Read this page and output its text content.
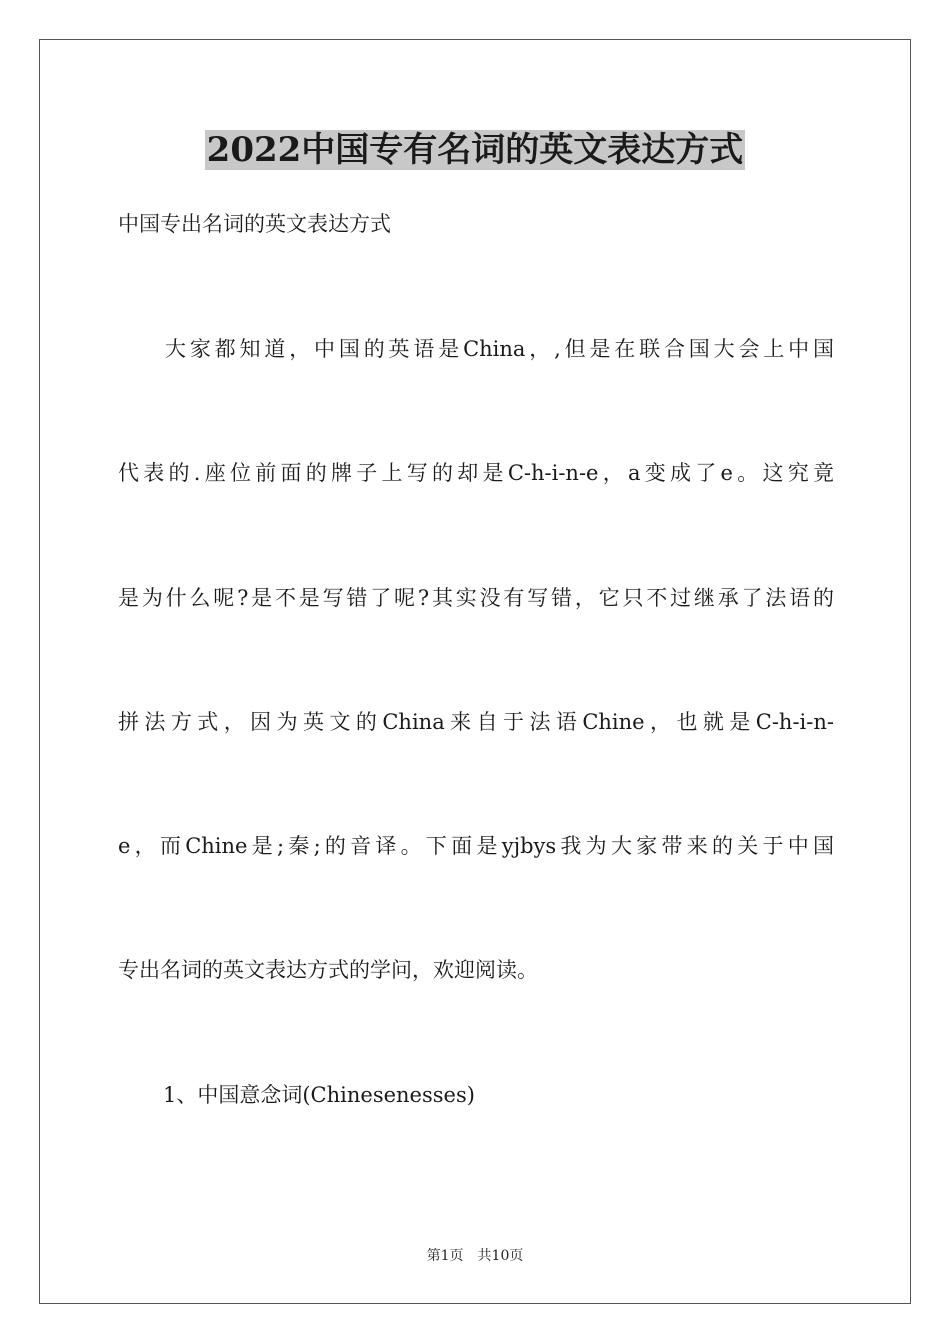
2022中国专有名词的英文表达方式

中国专出名词的英文表达方式

大家都知道，中国的英语是China，,但是在联合国大会上中国

代表的.座位前面的牌子上写的却是C-h-i-n-e，a变成了e。这究竟

是为什么呢?是不是写错了呢?其实没有写错，它只不过继承了法语的

拼法方式，因为英文的China来自于法语Chine，也就是C-h-i-n-

e，而Chine是;秦;的音译。下面是yjbys我为大家带来的关于中国

专出名词的英文表达方式的学问，欢迎阅读。

1、中国意念词(Chinesenesses)

第1页 共10页
